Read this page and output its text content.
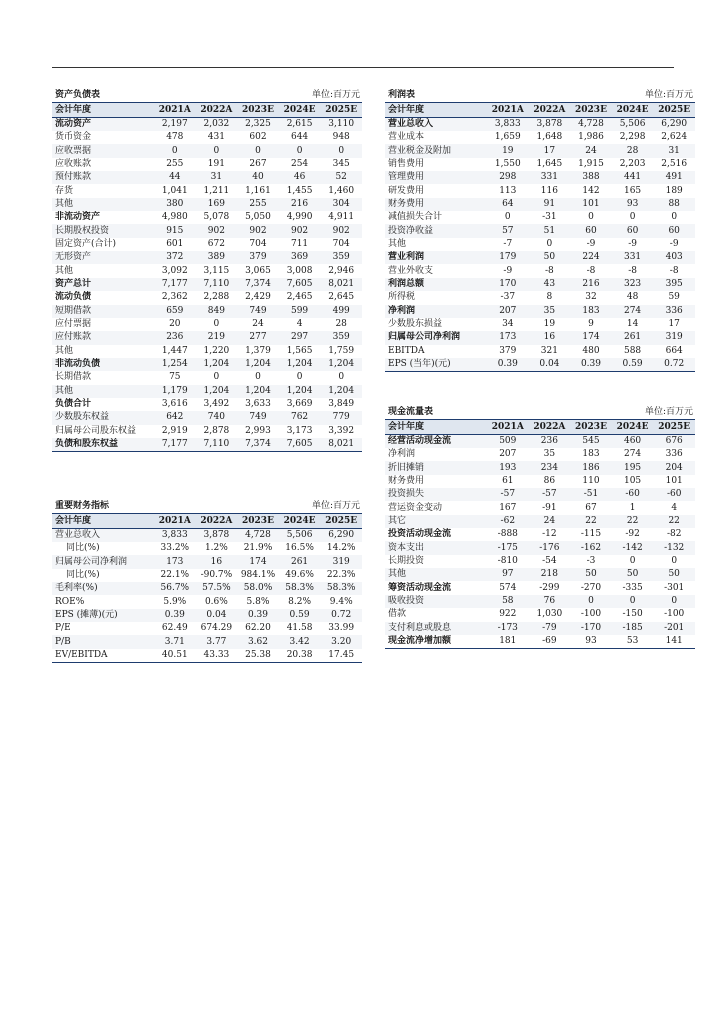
资产负债表			单位:百万元		
会计年度	2021A	2022A	2023E	2024E	2025E
流动资产	2,197	2,032	2,325	2,615	3,110
货币资金	478	431	602	644	948
应收票据	0	0	0	0	0
应收账款	255	191	267	254	345
预付账款	44	31	40	46	52
存货	1,041	1,211	1,161	1,455	1,460
其他	380	169	255	216	304
非流动资产	4,980	5,078	5,050	4,990	4,911
长期股权投资	915	902	902	902	902
固定资产(合计)	601	672	704	711	704
无形资产	372	389	379	369	359
其他	3,092	3,115	3,065	3,008	2,946
资产总计	7,177	7,110	7,374	7,605	8,021
流动负债	2,362	2,288	2,429	2,465	2,645
短期借款	659	849	749	599	499
应付票据	20	0	24	4	28
应付账款	236	219	277	297	359
其他	1,447	1,220	1,379	1,565	1,759
非流动负债	1,254	1,204	1,204	1,204	1,204
长期借款	75	0	0	0	0
其他	1,179	1,204	1,204	1,204	1,204
负债合计	3,616	3,492	3,633	3,669	3,849
少数股东权益	642	740	749	762	779
归属母公司股东权益	2,919	2,878	2,993	3,173	3,392
负债和股东权益	7,177	7,110	7,374	7,605	8,021
重要财务指标			单位:百万元		
会计年度	2021A	2022A	2023E	2024E	2025E
营业总收入	3,833	3,878	4,728	5,506	6,290
同比(%)	33.2%	1.2%	21.9%	16.5%	14.2%
归属母公司净利润	173	16	174	261	319
同比(%)	22.1%	-90.7%	984.1%	49.6%	22.3%
毛利率(%)	56.7%	57.5%	58.0%	58.3%	58.3%
ROE%	5.9%	0.6%	5.8%	8.2%	9.4%
EPS (摊薄)(元)	0.39	0.04	0.39	0.59	0.72
P/E	62.49	674.29	62.20	41.58	33.99
P/B	3.71	3.77	3.62	3.42	3.20
EV/EBITDA	40.51	43.33	25.38	20.38	17.45
利润表			单位:百万元		
会计年度	2021A	2022A	2023E	2024E	2025E
营业总收入	3,833	3,878	4,728	5,506	6,290
营业成本	1,659	1,648	1,986	2,298	2,624
营业税金及附加	19	17	24	28	31
销售费用	1,550	1,645	1,915	2,203	2,516
管理费用	298	331	388	441	491
研发费用	113	116	142	165	189
财务费用	64	91	101	93	88
减值损失合计	0	-31	0	0	0
投资净收益	57	51	60	60	60
其他	-7	0	-9	-9	-9
营业利润	179	50	224	331	403
营业外收支	-9	-8	-8	-8	-8
利润总额	170	43	216	323	395
所得税	-37	8	32	48	59
净利润	207	35	183	274	336
少数股东损益	34	19	9	14	17
归属母公司净利润	173	16	174	261	319
EBITDA	379	321	480	588	664
EPS (当年)(元)	0.39	0.04	0.39	0.59	0.72
现金流量表			单位:百万元		
会计年度	2021A	2022A	2023E	2024E	2025E
经营活动现金流	509	236	545	460	676
净利润	207	35	183	274	336
折旧摊销	193	234	186	195	204
财务费用	61	86	110	105	101
投资损失	-57	-57	-51	-60	-60
营运资金变动	167	-91	67	1	4
其它	-62	24	22	22	22
投资活动现金流	-888	-12	-115	-92	-82
资本支出	-175	-176	-162	-142	-132
长期投资	-810	-54	-3	0	0
其他	97	218	50	50	50
筹资活动现金流	574	-299	-270	-335	-301
吸收投资	58	76	0	0	0
借款	922	1,030	-100	-150	-100
支付利息或股息	-173	-79	-170	-185	-201
现金流净增加额	181	-69	93	53	141
